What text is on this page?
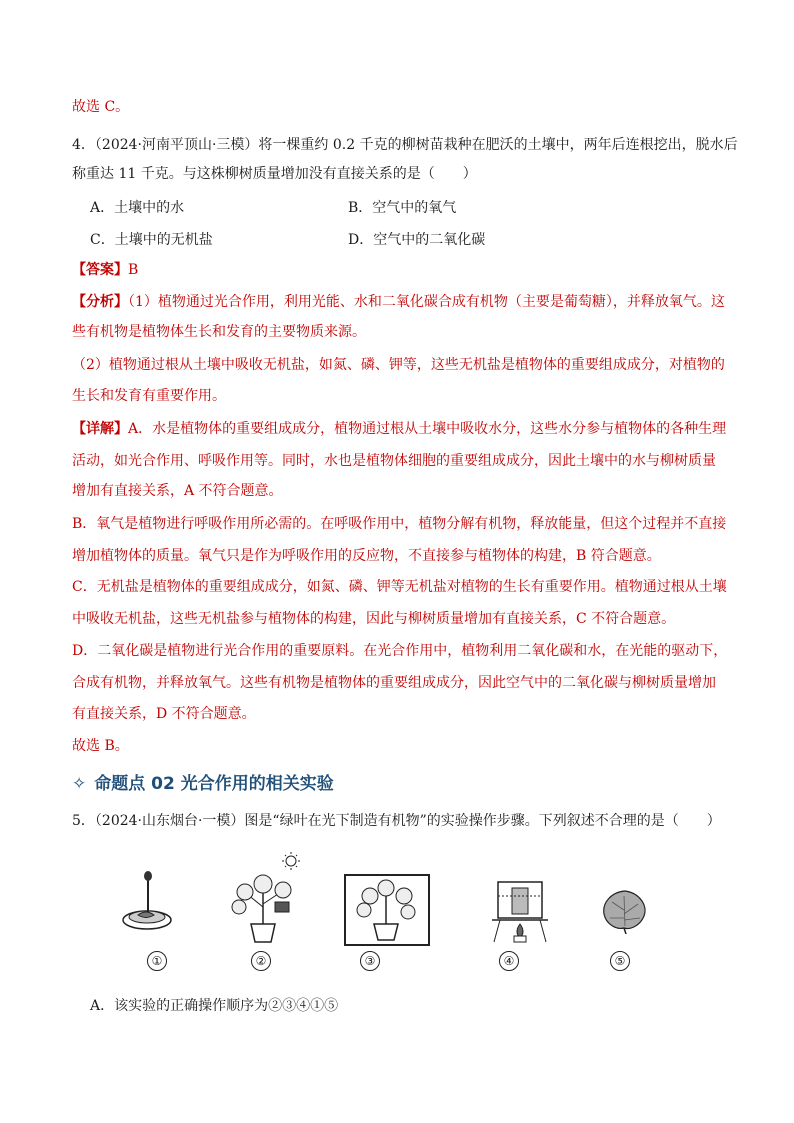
故选 C。
4．（2024·河南平顶山·三模）将一棵重约 0.2 千克的柳树苗栽种在肥沃的土壤中，两年后连根挖出，脱水后
称重达 11 千克。与这株柳树质量增加没有直接关系的是（　　）
A．土壤中的水	B．空气中的氧气
C．土壤中的无机盐	D．空气中的二氧化碳
【答案】B
【分析】（1）植物通过光合作用，利用光能、水和二氧化碳合成有机物（主要是葡萄糖），并释放氧气。这
些有机物是植物体生长和发育的主要物质来源。
（2）植物通过根从土壤中吸收无机盐，如氮、磷、钾等，这些无机盐是植物体的重要组成成分，对植物的
生长和发育有重要作用。
【详解】A．水是植物体的重要组成成分，植物通过根从土壤中吸收水分，这些水分参与植物体的各种生理
活动，如光合作用、呼吸作用等。同时，水也是植物体细胞的重要组成成分，因此土壤中的水与柳树质量
增加有直接关系，A 不符合题意。
B．氧气是植物进行呼吸作用所必需的。在呼吸作用中，植物分解有机物，释放能量，但这个过程并不直接
增加植物体的质量。氧气只是作为呼吸作用的反应物，不直接参与植物体的构建，B 符合题意。
C．无机盐是植物体的重要组成成分，如氮、磷、钾等无机盐对植物的生长有重要作用。植物通过根从土壤
中吸收无机盐，这些无机盐参与植物体的构建，因此与柳树质量增加有直接关系，C 不符合题意。
D．二氧化碳是植物进行光合作用的重要原料。在光合作用中，植物利用二氧化碳和水，在光能的驱动下，
合成有机物，并释放氧气。这些有机物是植物体的重要组成成分，因此空气中的二氧化碳与柳树质量增加
有直接关系，D 不符合题意。
故选 B。
✧ 命题点 02 光合作用的相关实验
5．（2024·山东烟台·一模）图是“绿叶在光下制造有机物”的实验操作步骤。下列叙述不合理的是（　　）
①	②	③	④	⑤
A．该实验的正确操作顺序为②③④①⑤
